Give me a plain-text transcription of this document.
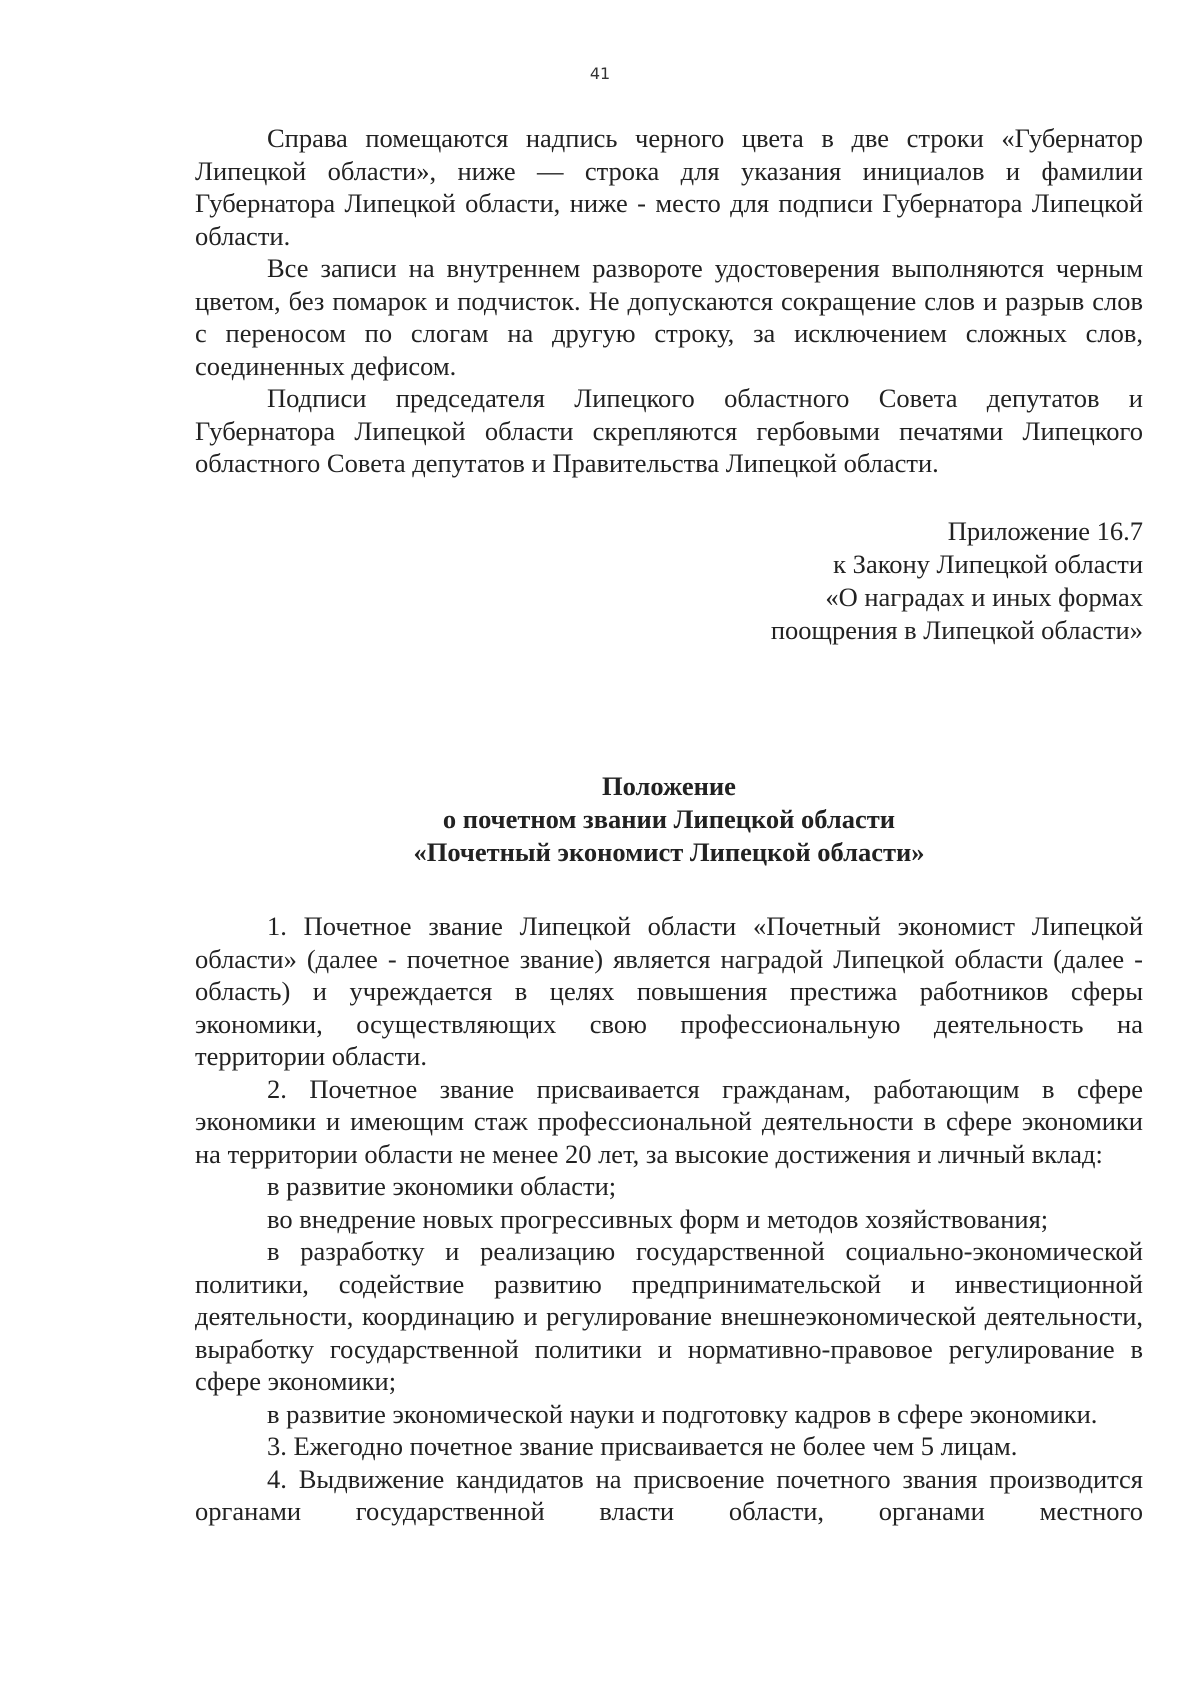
41

Справа помещаются надпись черного цвета в две строки «Губернатор Липецкой области», ниже — строка для указания инициалов и фамилии Губернатора Липецкой области, ниже - место для подписи Губернатора Липецкой области.

Все записи на внутреннем развороте удостоверения выполняются черным цветом, без помарок и подчисток. Не допускаются сокращение слов и разрыв слов с переносом по слогам на другую строку, за исключением сложных слов, соединенных дефисом.

Подписи председателя Липецкого областного Совета депутатов и Губернатора Липецкой области скрепляются гербовыми печатями Липецкого областного Совета депутатов и Правительства Липецкой области.

Приложение 16.7
к Закону Липецкой области
«О наградах и иных формах
поощрения в Липецкой области»
Положение
о почетном звании Липецкой области
«Почетный экономист Липецкой области»

1. Почетное звание Липецкой области «Почетный экономист Липецкой области» (далее - почетное звание) является наградой Липецкой области (далее - область) и учреждается в целях повышения престижа работников сферы экономики, осуществляющих свою профессиональную деятельность на территории области.

2. Почетное звание присваивается гражданам, работающим в сфере экономики и имеющим стаж профессиональной деятельности в сфере экономики на территории области не менее 20 лет, за высокие достижения и личный вклад:

в развитие экономики области;

во внедрение новых прогрессивных форм и методов хозяйствования;

в разработку и реализацию государственной социально-экономической политики, содействие развитию предпринимательской и инвестиционной деятельности, координацию и регулирование внешнеэкономической деятельности, выработку государственной политики и нормативно-правовое регулирование в сфере экономики;

в развитие экономической науки и подготовку кадров в сфере экономики.

3. Ежегодно почетное звание присваивается не более чем 5 лицам.

4. Выдвижение кандидатов на присвоение почетного звания производится органами государственной власти области, органами местного
